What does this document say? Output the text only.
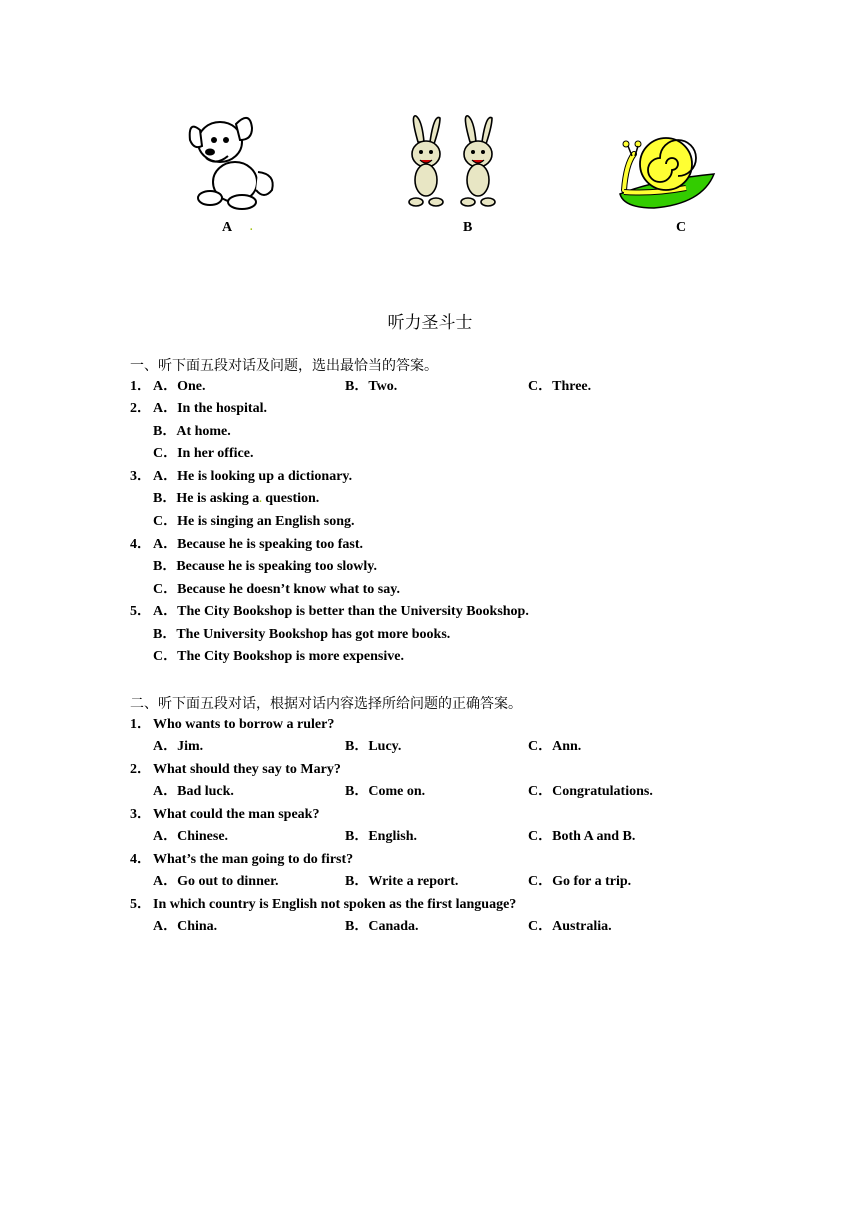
A .	B	C
听力圣斗士
一、听下面五段对话及问题，选出最恰当的答案。
1． A．One.	B．Two.	C．Three.
2． A．In the hospital.
B．At home.
C．In her office.
3． A．He is looking up a dictionary.
B．He is asking a. question.
C．He is singing an English song.
4． A．Because he is speaking too fast.
B．Because he is speaking too slowly.
C．Because he doesn’t know what to say.
5． A．The City Bookshop is better than the University Bookshop.
B．The University Bookshop has got more books.
C．The City Bookshop is more expensive.
二、听下面五段对话，根据对话内容选择所给问题的正确答案。
1． Who wants to borrow a ruler?
A．Jim.	B．Lucy.	C．Ann.
2． What should they say to Mary?
A．Bad luck.	B．Come on.	C．Congratulations.
3． What could the man speak?
A．Chinese.	B．English.	C．Both A and B.
4． What’s the man going to do first?
A．Go out to dinner.	B．Write a report.	C．Go for a trip.
5． In which country is English not spoken as the first language?
A．China.	B．Canada.	C．Australia.
